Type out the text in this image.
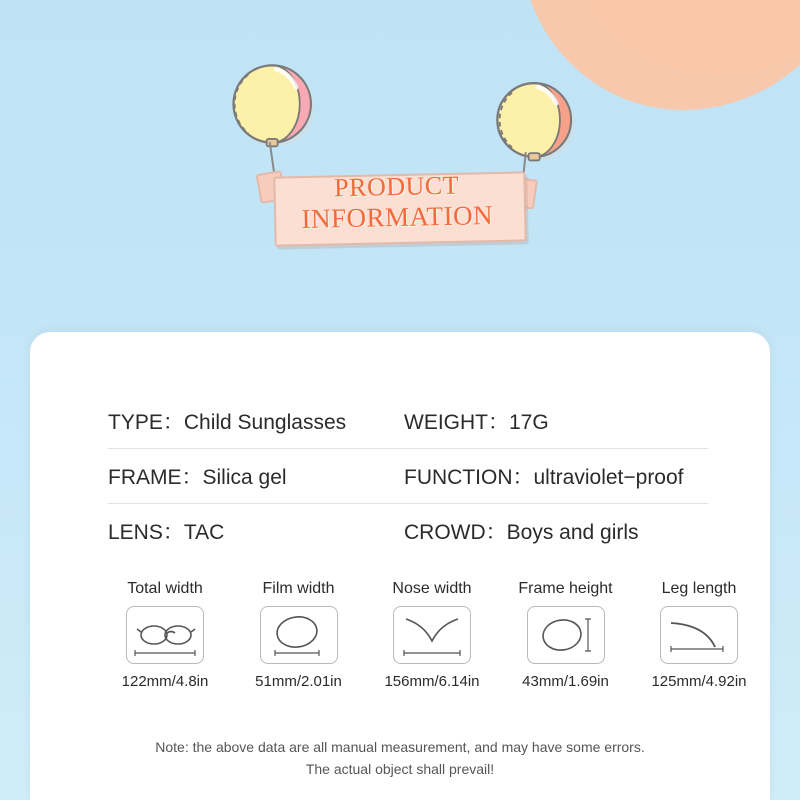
PRODUCT
INFORMATION
TYPE：Child Sunglasses	WEIGHT：17G
FRAME：Silica gel	FUNCTION：ultraviolet−proof
LENS：TAC	CROWD：Boys and girls
Total width
122mm/4.8in
Film width
51mm/2.01in
Nose width
156mm/6.14in
Frame height
43mm/1.69in
Leg length
125mm/4.92in
Note: the above data are all manual measurement, and may have some errors.
The actual object shall prevail!
